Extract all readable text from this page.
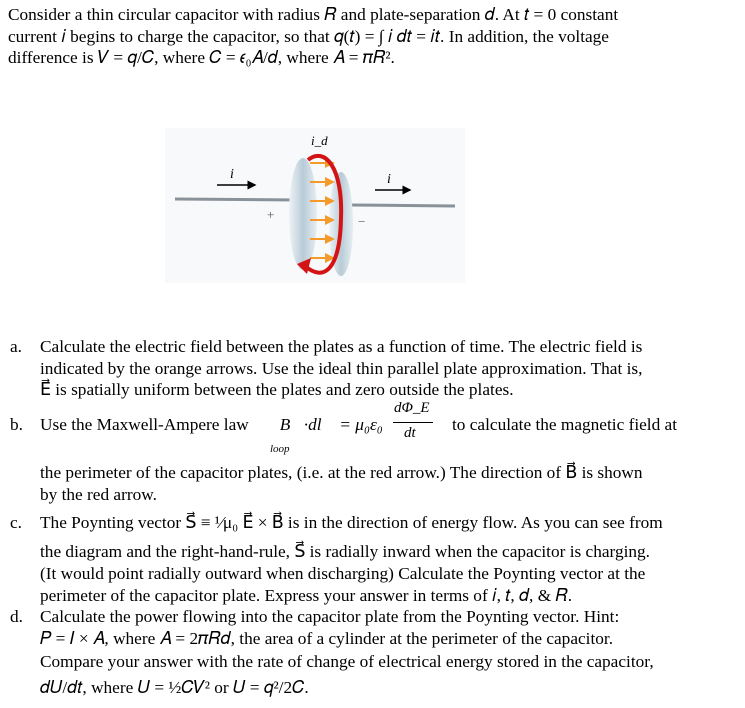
Consider a thin circular capacitor with radius 𝑅 and plate-separation 𝑑. At 𝑡 = 0 constant
current 𝑖 begins to charge the capacitor, so that 𝑞(𝑡) = ∫ 𝑖 𝑑𝑡 = 𝑖𝑡. In addition, the voltage
difference is 𝑉 = 𝑞/𝐶, where 𝐶 = 𝜖₀𝐴/𝑑, where 𝐴 = 𝜋𝑅².
i	i
i_d
+	−
a. Calculate the electric field between the plates as a function of time. The electric field is
indicated by the orange arrows. Use the ideal thin parallel plate approximation. That is,
E⃗ is spatially uniform between the plates and zero outside the plates.
b. Use the Maxwell-Ampere law ∮ B⃗·dl⃗ = μ₀ε₀
dΦ_E
dt
loop
to calculate the magnetic field at
the perimeter of the capacitor plates, (i.e. at the red arrow.) The direction of B⃗ is shown
by the red arrow.
c. The Poynting vector S⃗ ≡ ¹⁄μ₀ E⃗ × B⃗ is in the direction of energy flow. As you can see from
the diagram and the right-hand-rule, S⃗ is radially inward when the capacitor is charging.
(It would point radially outward when discharging) Calculate the Poynting vector at the
perimeter of the capacitor plate. Express your answer in terms of 𝑖, 𝑡, 𝑑, & 𝑅.
d. Calculate the power flowing into the capacitor plate from the Poynting vector. Hint:
𝑃 = 𝐼 × 𝐴, where 𝐴 = 2𝜋𝑅𝑑, the area of a cylinder at the perimeter of the capacitor.
Compare your answer with the rate of change of electrical energy stored in the capacitor,
𝑑𝑈/𝑑𝑡, where 𝑈 = ½𝐶𝑉² or 𝑈 = 𝑞²/2𝐶.
